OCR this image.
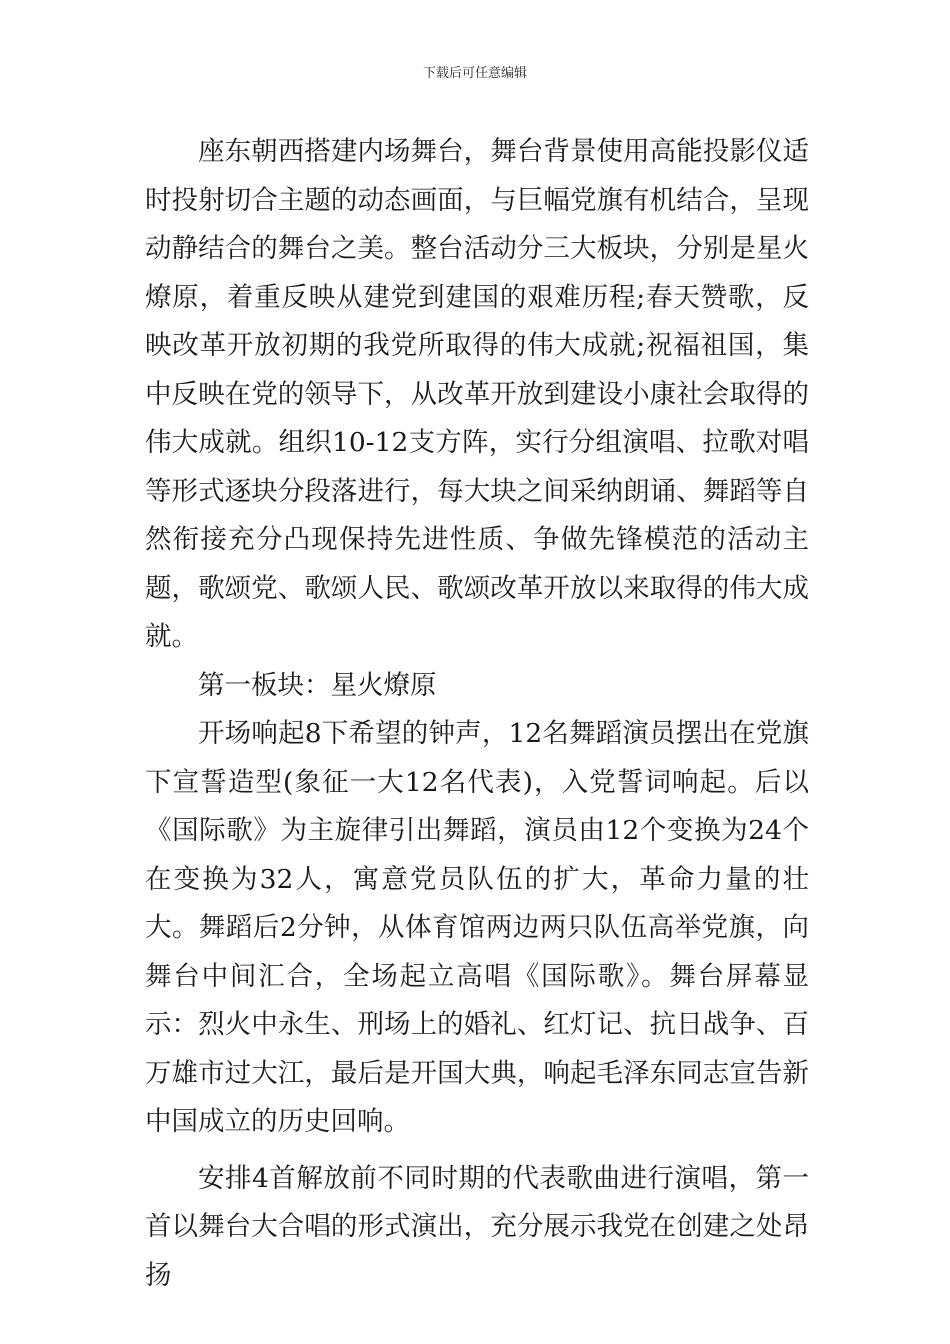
下载后可任意编辑

座东朝西搭建内场舞台，舞台背景使用高能投影仪适时投射切合主题的动态画面，与巨幅党旗有机结合，呈现动静结合的舞台之美。整台活动分三大板块，分别是星火燎原，着重反映从建党到建国的艰难历程;春天赞歌，反映改革开放初期的我党所取得的伟大成就;祝福祖国，集中反映在党的领导下，从改革开放到建设小康社会取得的伟大成就。组织10-12支方阵，实行分组演唱、拉歌对唱等形式逐块分段落进行，每大块之间采纳朗诵、舞蹈等自然衔接充分凸现保持先进性质、争做先锋模范的活动主题，歌颂党、歌颂人民、歌颂改革开放以来取得的伟大成就。

第一板块：星火燎原

开场响起8下希望的钟声，12名舞蹈演员摆出在党旗下宣誓造型(象征一大12名代表)，入党誓词响起。后以《国际歌》为主旋律引出舞蹈，演员由12个变换为24个在变换为32人，寓意党员队伍的扩大，革命力量的壮大。舞蹈后2分钟，从体育馆两边两只队伍高举党旗，向舞台中间汇合，全场起立高唱《国际歌》。舞台屏幕显示：烈火中永生、刑场上的婚礼、红灯记、抗日战争、百万雄市过大江，最后是开国大典，响起毛泽东同志宣告新中国成立的历史回响。

安排4首解放前不同时期的代表歌曲进行演唱，第一首以舞台大合唱的形式演出，充分展示我党在创建之处昂扬
